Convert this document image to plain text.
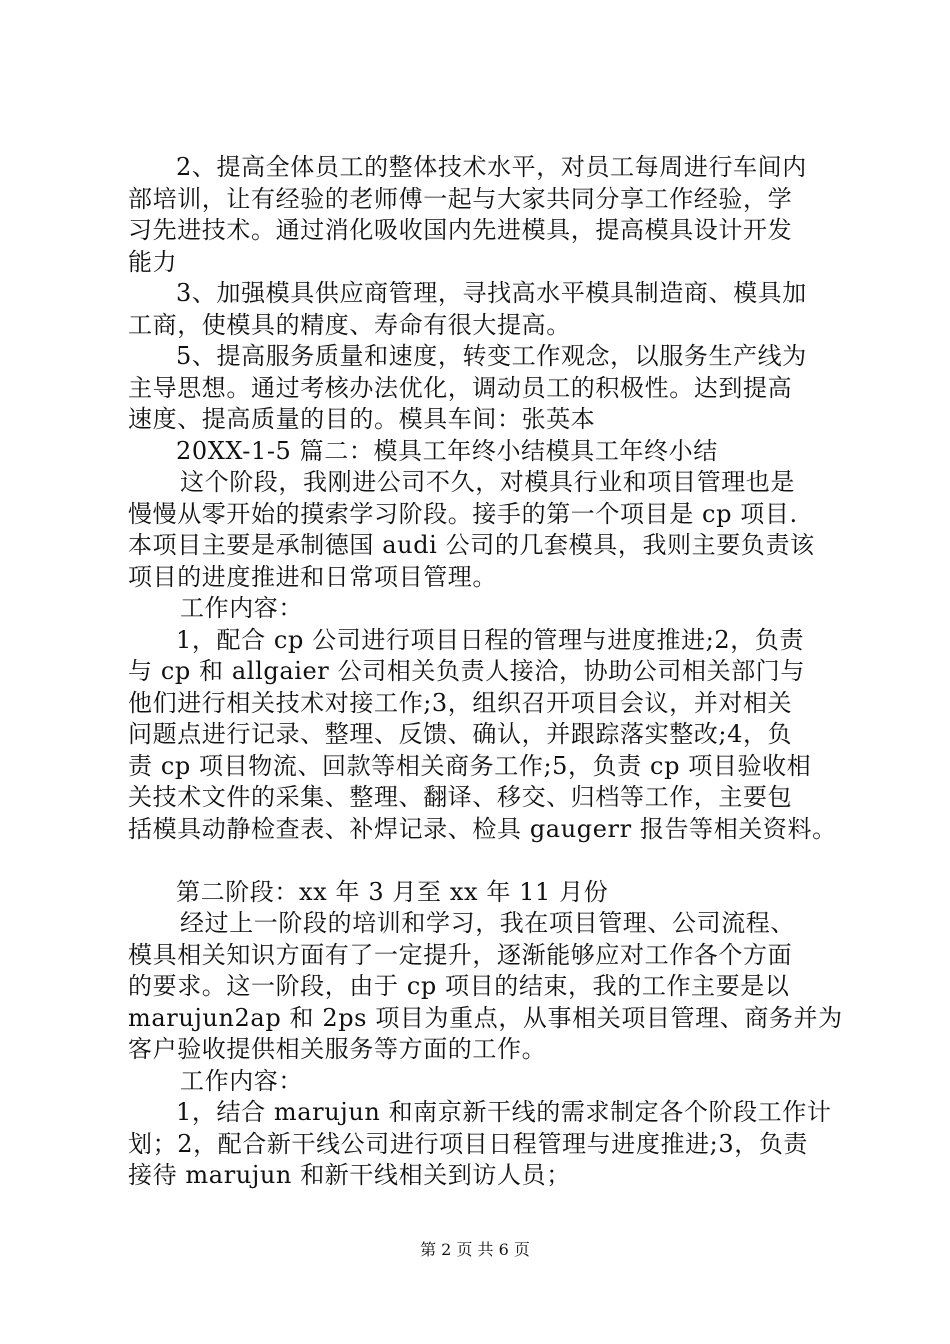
2、提高全体员工的整体技术水平，对员工每周进行车间内
部培训，让有经验的老师傅一起与大家共同分享工作经验，学
习先进技术。通过消化吸收国内先进模具，提高模具设计开发
能力
3、加强模具供应商管理，寻找高水平模具制造商、模具加
工商，使模具的精度、寿命有很大提高。
5、提高服务质量和速度，转变工作观念，以服务生产线为
主导思想。通过考核办法优化，调动员工的积极性。达到提高
速度、提高质量的目的。模具车间：张英本
20XX-1-5 篇二：模具工年终小结模具工年终小结
这个阶段，我刚进公司不久，对模具行业和项目管理也是
慢慢从零开始的摸索学习阶段。接手的第一个项目是 cp 项目.
本项目主要是承制德国 audi 公司的几套模具，我则主要负责该
项目的进度推进和日常项目管理。
工作内容：
1，配合 cp 公司进行项目日程的管理与进度推进;2，负责
与 cp 和 allgaier 公司相关负责人接洽，协助公司相关部门与
他们进行相关技术对接工作;3，组织召开项目会议，并对相关
问题点进行记录、整理、反馈、确认，并跟踪落实整改;4，负
责 cp 项目物流、回款等相关商务工作;5，负责 cp 项目验收相
关技术文件的采集、整理、翻译、移交、归档等工作，主要包
括模具动静检查表、补焊记录、检具 gaugerr 报告等相关资料。
第二阶段：xx 年 3 月至 xx 年 11 月份
经过上一阶段的培训和学习，我在项目管理、公司流程、
模具相关知识方面有了一定提升，逐渐能够应对工作各个方面
的要求。这一阶段，由于 cp 项目的结束，我的工作主要是以
marujun2ap 和 2ps 项目为重点，从事相关项目管理、商务并为
客户验收提供相关服务等方面的工作。
工作内容：
1，结合 marujun 和南京新干线的需求制定各个阶段工作计
划；2，配合新干线公司进行项目日程管理与进度推进;3，负责
接待 marujun 和新干线相关到访人员；
第 2 页 共 6 页
